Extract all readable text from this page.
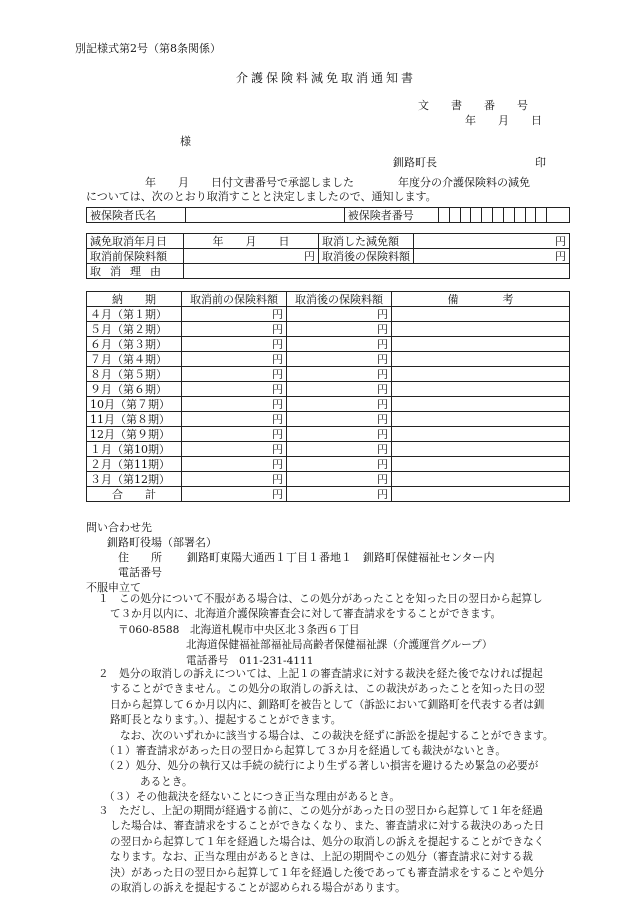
別記様式第2号（第8条関係）
介護保険料減免取消通知書
文　　書　　番　　号
年　　月　　日
様
釧路町長	印
年　　月　　日付文書番号で承認しました　　　　年度分の介護保険料の減免
については、次のとおり取消すことと決定しましたので、通知します。
被保険者氏名		被保険者番号											
減免取消年月日	年　　月　　日	取消した減免額	円
取消前保険料額	円	取消後の保険料額	円
取消理由			
納　　期	取消前の保険料額	取消後の保険料額	備　　　　考
４月（第１期）	円	円	
５月（第２期）	円	円	
６月（第３期）	円	円	
７月（第４期）	円	円	
８月（第５期）	円	円	
９月（第６期）	円	円	
10月（第７期）	円	円	
11月（第８期）	円	円	
12月（第９期）	円	円	
１月（第10期）	円	円	
２月（第11期）	円	円	
３月（第12期）	円	円	
合　　計	円	円	
問い合わせ先
釧路町役場（部署名）
住　　所 釧路町東陽大通西１丁目１番地１　釧路町保健福祉センター内
電話番号
不服申立て

１　この処分について不服がある場合は、この処分があったことを知った日の翌日から起算し

て３か月以内に、北海道介護保険審査会に対して審査請求をすることができます。

〒060-8588　北海道札幌市中央区北３条西６丁目

北海道保健福祉部福祉局高齢者保健福祉課（介護運営グループ）

電話番号　011-231-4111

２　処分の取消しの訴えについては、上記１の審査請求に対する裁決を経た後でなければ提起

することができません。この処分の取消しの訴えは、この裁決があったことを知った日の翌

日から起算して６か月以内に、釧路町を被告として（訴訟において釧路町を代表する者は釧

路町長となります。）、提起することができます。

なお、次のいずれかに該当する場合は、この裁決を経ずに訴訟を提起することができます。

（１）審査請求があった日の翌日から起算して３か月を経過しても裁決がないとき。

（２）処分、処分の執行又は手続の続行により生ずる著しい損害を避けるため緊急の必要が

あるとき。

（３）その他裁決を経ないことにつき正当な理由があるとき。

３　ただし、上記の期間が経過する前に、この処分があった日の翌日から起算して１年を経過

した場合は、審査請求をすることができなくなり、また、審査請求に対する裁決のあった日

の翌日から起算して１年を経過した場合は、処分の取消しの訴えを提起することができなく

なります。なお、正当な理由があるときは、上記の期間やこの処分（審査請求に対する裁

決）があった日の翌日から起算して１年を経過した後であっても審査請求をすることや処分

の取消しの訴えを提起することが認められる場合があります。
